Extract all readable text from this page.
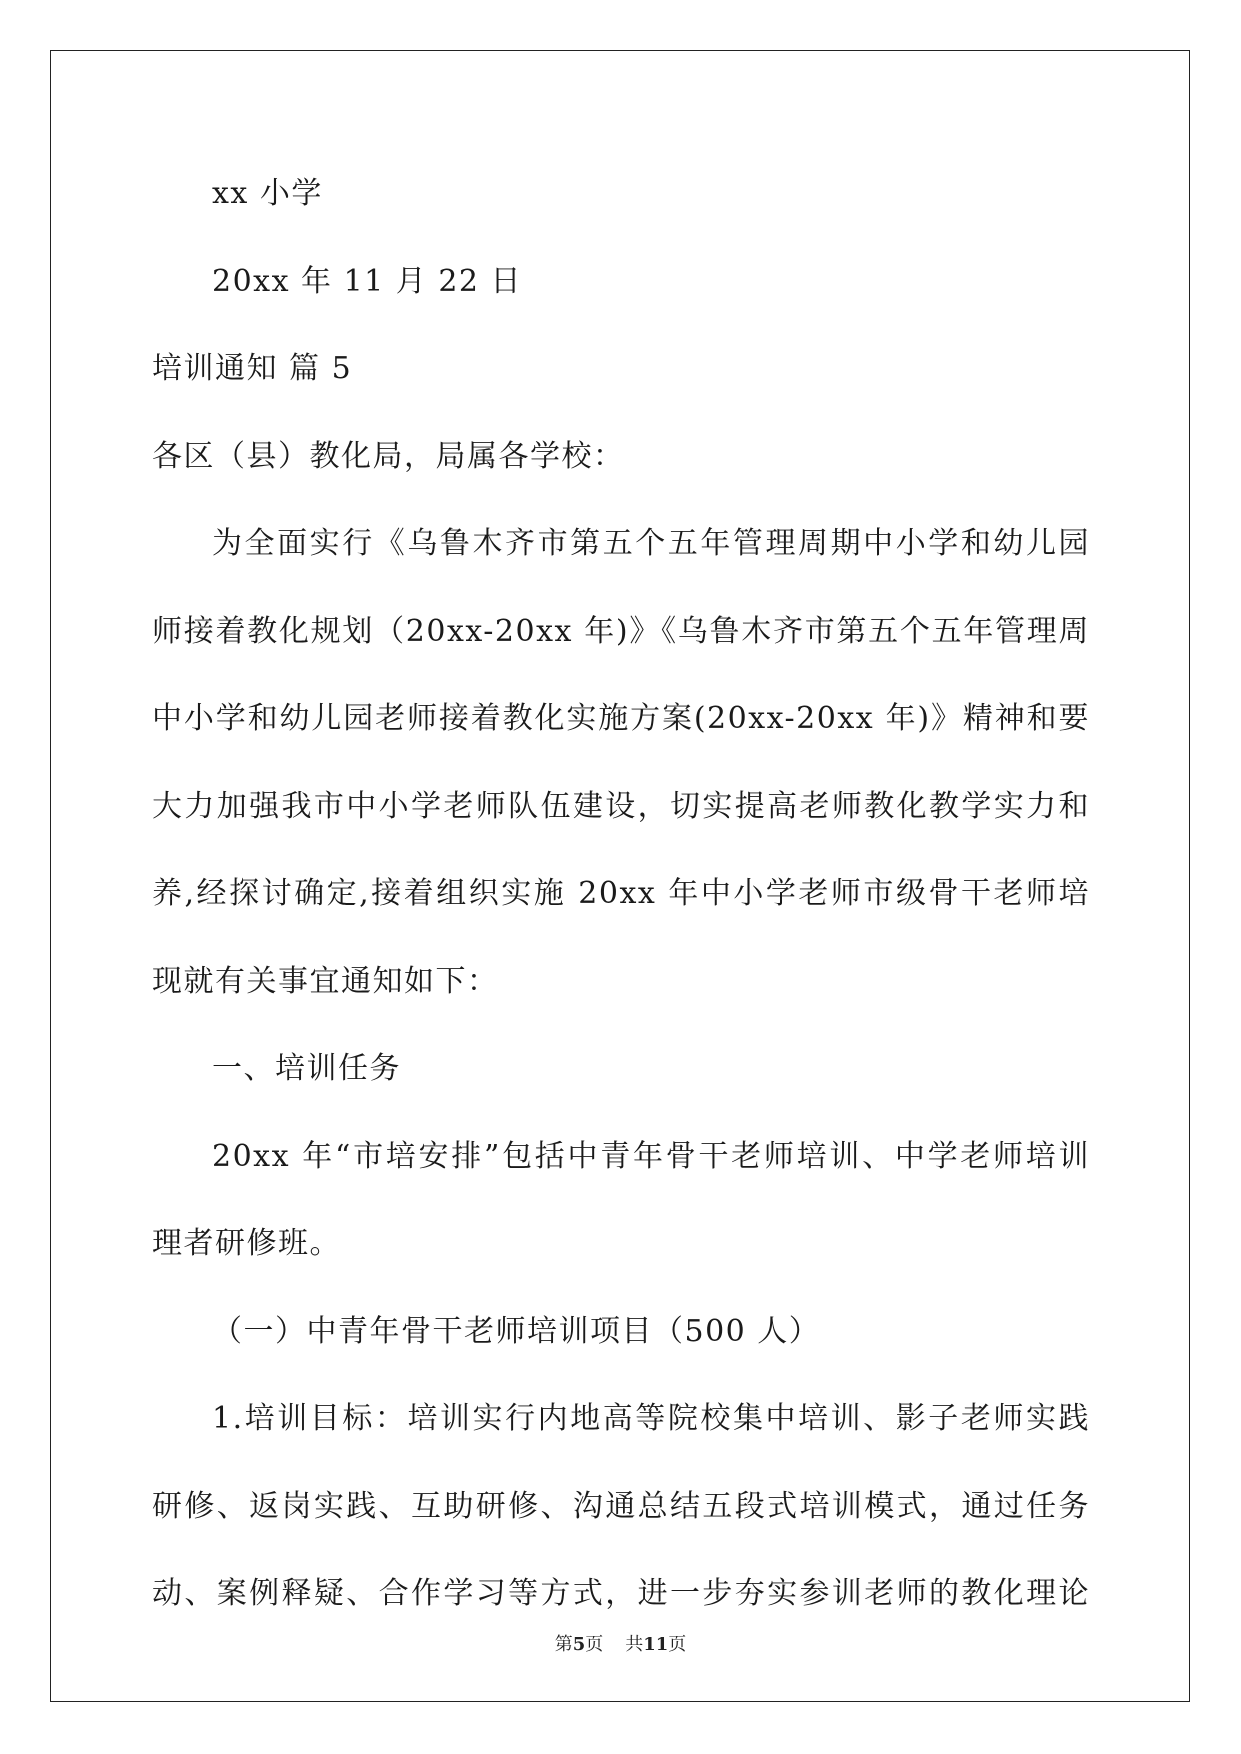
xx 小学
20xx 年 11 月 22 日
培训通知 篇 5
各区（县）教化局，局属各学校：
为全面实行《乌鲁木齐市第五个五年管理周期中小学和幼儿园
师接着教化规划（20xx-20xx 年)》《乌鲁木齐市第五个五年管理周
中小学和幼儿园老师接着教化实施方案(20xx-20xx 年)》精神和要
大力加强我市中小学老师队伍建设，切实提高老师教化教学实力和
养,经探讨确定,接着组织实施 20xx 年中小学老师市级骨干老师培
现就有关事宜通知如下：
一、培训任务
20xx 年“市培安排”包括中青年骨干老师培训、中学老师培训
理者研修班。
（一）中青年骨干老师培训项目（500 人）
1.培训目标：培训实行内地高等院校集中培训、影子老师实践
研修、返岗实践、互助研修、沟通总结五段式培训模式，通过任务
动、案例释疑、合作学习等方式，进一步夯实参训老师的教化理论
第5页 共11页
